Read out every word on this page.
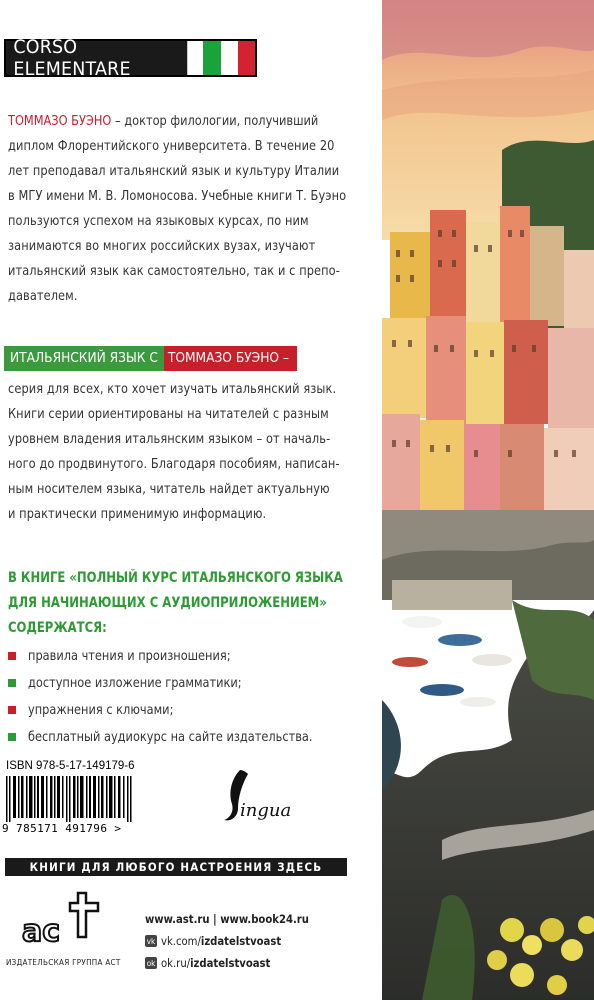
CORSO ELEMENTARE
ТОММАЗО БУЭНО – доктор филологии, получивший
диплом Флорентийского университета. В течение 20
лет преподавал итальянский язык и культуру Италии
в МГУ имени М. В. Ломоносова. Учебные книги Т. Буэно
пользуются успехом на языковых курсах, по ним
занимаются во многих российских вузах, изучают
итальянский язык как самостоятельно, так и с препо-
давателем.
ИТАЛЬЯНСКИЙ ЯЗЫК С ТОММАЗО БУЭНО –
серия для всех, кто хочет изучать итальянский язык.
Книги серии ориентированы на читателей с разным
уровнем владения итальянским языком – от началь-
ного до продвинутого. Благодаря пособиям, написан-
ным носителем языка, читатель найдет актуальную
и практически применимую информацию.
В КНИГЕ «ПОЛНЫЙ КУРС ИТАЛЬЯНСКОГО ЯЗЫКА
ДЛЯ НАЧИНАЮЩИХ С АУДИОПРИЛОЖЕНИЕМ»
СОДЕРЖАТСЯ:
правила чтения и произношения;
доступное изложение грамматики;
упражнения с ключами;
бесплатный аудиокурс на сайте издательства.
ISBN 978-5-17-149179-6
9 785171 491796 >
ingua
КНИГИ ДЛЯ ЛЮБОГО НАСТРОЕНИЯ ЗДЕСЬ
ac
ИЗДАТЕЛЬСКАЯ ГРУППА АСТ
www.ast.ru | www.book24.ru
vk vk.com/ izdatelstvoast
ok ok.ru/ izdatelstvoast
